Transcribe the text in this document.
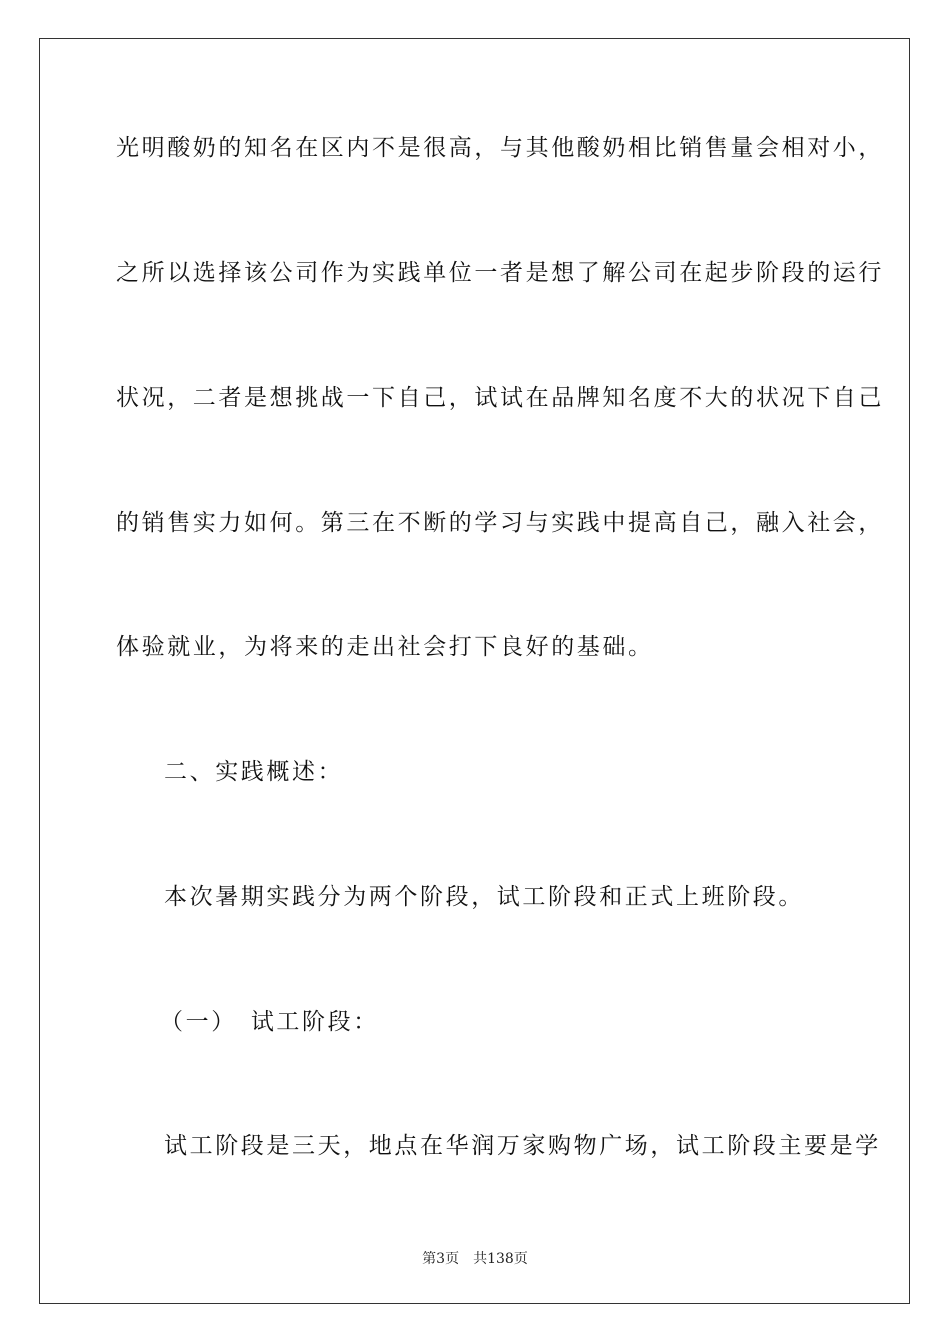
光明酸奶的知名在区内不是很高，与其他酸奶相比销售量会相对小，
之所以选择该公司作为实践单位一者是想了解公司在起步阶段的运行
状况，二者是想挑战一下自己，试试在品牌知名度不大的状况下自己
的销售实力如何。第三在不断的学习与实践中提高自己，融入社会，
体验就业，为将来的走出社会打下良好的基础。
二、实践概述：
本次暑期实践分为两个阶段，试工阶段和正式上班阶段。
（一） 试工阶段：
试工阶段是三天，地点在华润万家购物广场，试工阶段主要是学
第3页 共138页
